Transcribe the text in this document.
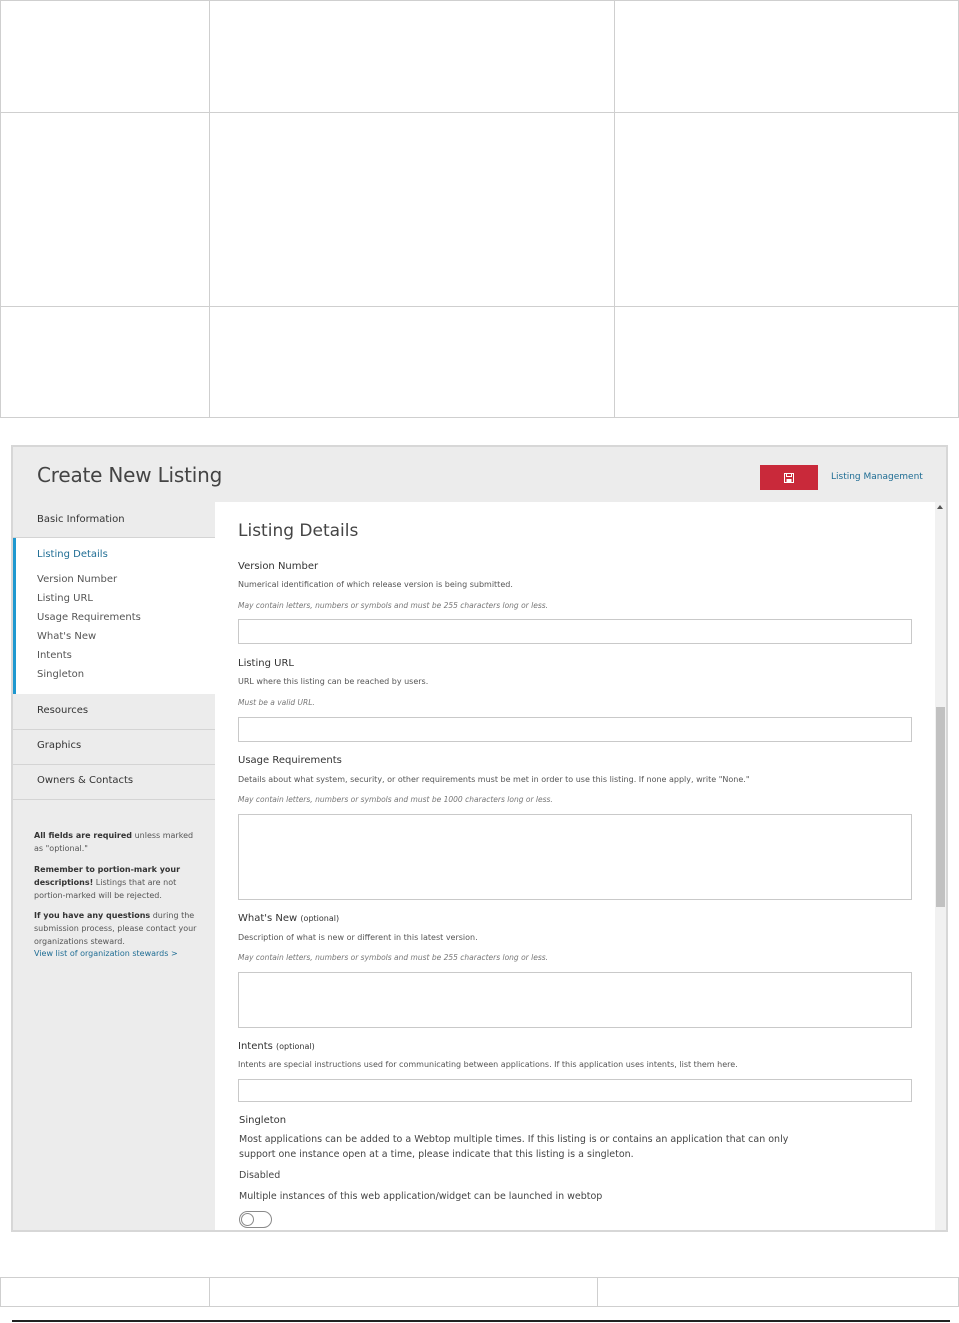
Create New Listing	Listing Management
Basic Information
Listing Details
Version Number
Listing URL
Usage Requirements
What's New
Intents
Singleton
Resources
Graphics
Owners & Contacts

All fields are required unless marked as "optional."

Remember to portion-mark your descriptions! Listings that are not portion-marked will be rejected.

If you have any questions during the submission process, please contact your organizations steward.

View list of organization stewards >
Listing Details
Version Number
Numerical identification of which release version is being submitted.
May contain letters, numbers or symbols and must be 255 characters long or less.
Listing URL
URL where this listing can be reached by users.
Must be a valid URL.
Usage Requirements
Details about what system, security, or other requirements must be met in order to use this listing. If none apply, write "None."
May contain letters, numbers or symbols and must be 1000 characters long or less.
What's New (optional)
Description of what is new or different in this latest version.
May contain letters, numbers or symbols and must be 255 characters long or less.
Intents (optional)
Intents are special instructions used for communicating between applications. If this application uses intents, list them here.
Singleton
Most applications can be added to a Webtop multiple times. If this listing is or contains an application that can only
support one instance open at a time, please indicate that this listing is a singleton.
Disabled
Multiple instances of this web application/widget can be launched in webtop
